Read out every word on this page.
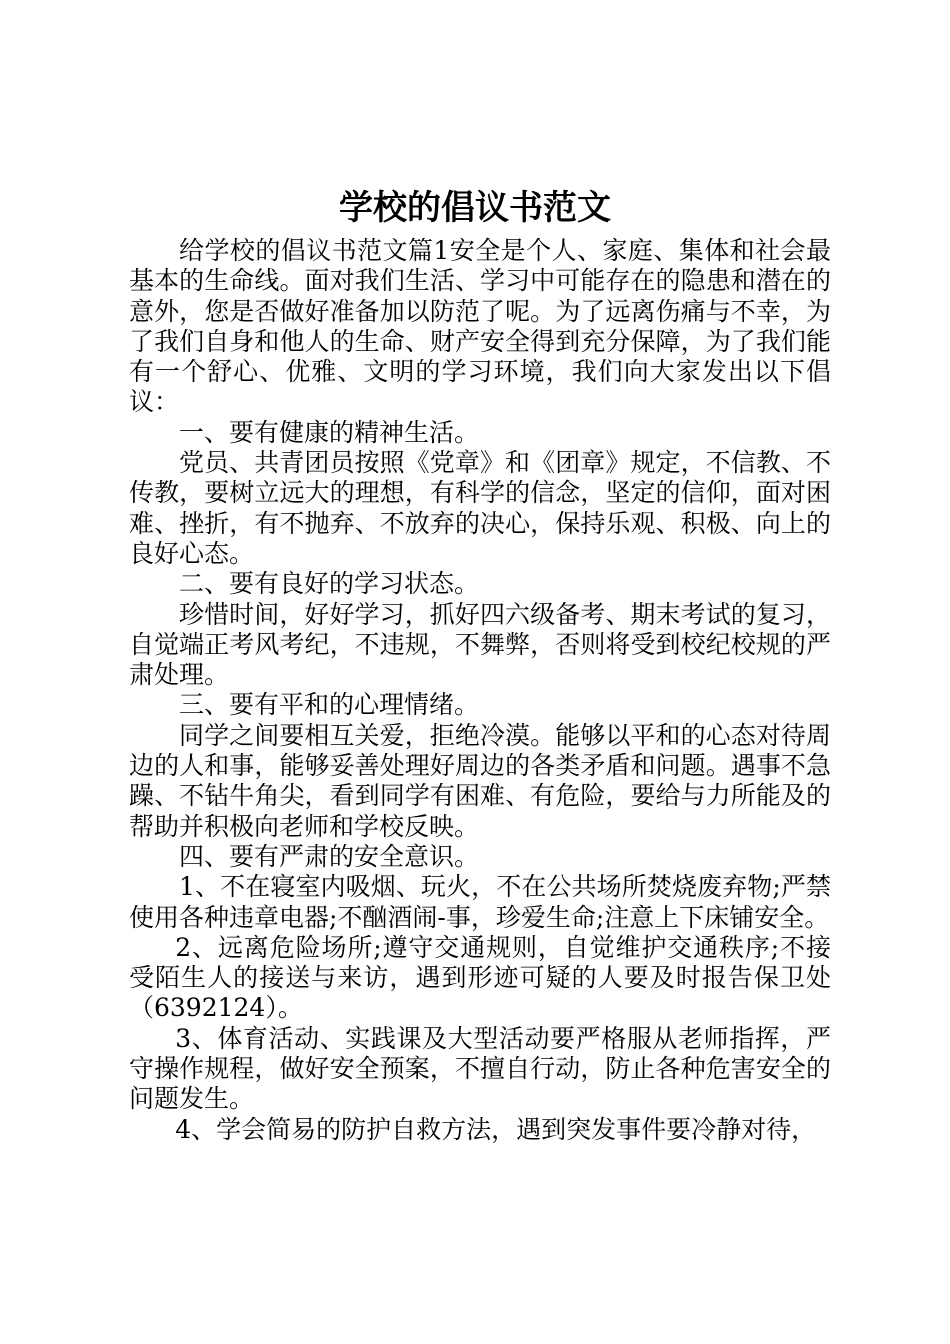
学校的倡议书范文

给学校的倡议书范文篇1安全是个人、家庭、集体和社会最基本的生命线。面对我们生活、学习中可能存在的隐患和潜在的意外，您是否做好准备加以防范了呢。为了远离伤痛与不幸，为了我们自身和他人的生命、财产安全得到充分保障，为了我们能有一个舒心、优雅、文明的学习环境，我们向大家发出以下倡议：

一、要有健康的精神生活。

党员、共青团员按照《党章》和《团章》规定，不信教、不传教，要树立远大的理想，有科学的信念，坚定的信仰，面对困难、挫折，有不抛弃、不放弃的决心，保持乐观、积极、向上的良好心态。

二、要有良好的学习状态。

珍惜时间，好好学习，抓好四六级备考、期末考试的复习，自觉端正考风考纪，不违规，不舞弊，否则将受到校纪校规的严肃处理。

三、要有平和的心理情绪。

同学之间要相互关爱，拒绝冷漠。能够以平和的心态对待周边的人和事，能够妥善处理好周边的各类矛盾和问题。遇事不急躁、不钻牛角尖，看到同学有困难、有危险，要给与力所能及的帮助并积极向老师和学校反映。

四、要有严肃的安全意识。

1、不在寝室内吸烟、玩火，不在公共场所焚烧废弃物;严禁使用各种违章电器;不酗酒闹-事，珍爱生命;注意上下床铺安全。

2、远离危险场所;遵守交通规则，自觉维护交通秩序;不接受陌生人的接送与来访，遇到形迹可疑的人要及时报告保卫处（6392124）。

3、体育活动、实践课及大型活动要严格服从老师指挥，严守操作规程，做好安全预案，不擅自行动，防止各种危害安全的问题发生。

4、学会简易的防护自救方法，遇到突发事件要冷静对待，
